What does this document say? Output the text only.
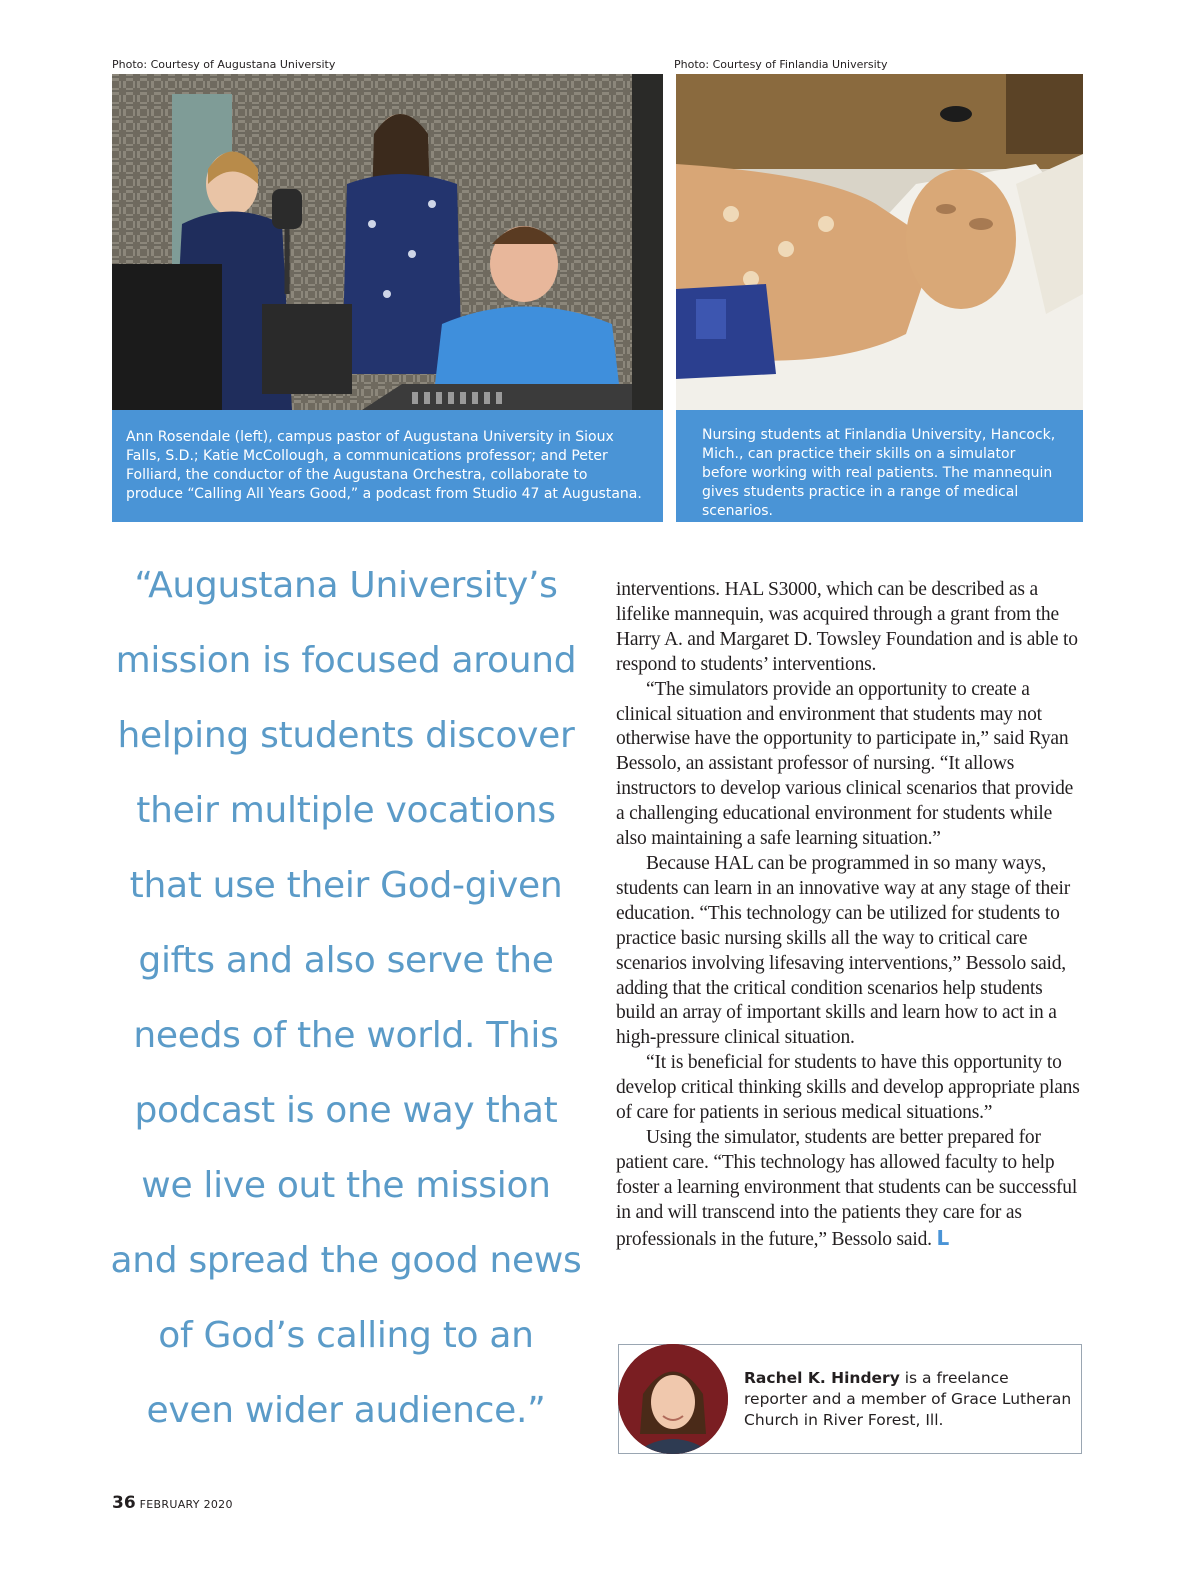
Photo: Courtesy of Augustana University	Photo: Courtesy of Finlandia University
Ann Rosendale (left), campus pastor of Augustana University in Sioux Falls, S.D.; Katie McCollough, a communications professor; and Peter Folliard, the conductor of the Augustana Orchestra, collaborate to produce “Calling All Years Good,” a podcast from Studio 47 at Augustana.
Nursing students at Finlandia University, Hancock, Mich., can practice their skills on a simulator before working with real patients. The mannequin gives students practice in a range of medical scenarios.
“Augustana University’s mission is focused around helping students discover their multiple vocations that use their God-given gifts and also serve the needs of the world. This podcast is one way that we live out the mission and spread the good news of God’s calling to an even wider audience.”

interventions. HAL S3000, which can be described as a lifelike mannequin, was acquired through a grant from the Harry A. and Margaret D. Towsley Foundation and is able to respond to students’ interventions.

“The simulators provide an opportunity to create a clinical situation and environment that students may not otherwise have the opportunity to participate in,” said Ryan Bessolo, an assistant professor of nursing. “It allows instructors to develop various clinical scenarios that provide a challenging educational environment for students while also maintaining a safe learning situation.”

Because HAL can be programmed in so many ways, students can learn in an innovative way at any stage of their education. “This technology can be utilized for students to practice basic nursing skills all the way to critical care scenarios involving lifesaving interventions,” Bessolo said, adding that the critical condition scenarios help students build an array of important skills and learn how to act in a high-pressure clinical situation.

“It is beneficial for students to have this opportunity to develop critical thinking skills and develop appropriate plans of care for patients in serious medical situations.”

Using the simulator, students are better prepared for patient care. “This technology has allowed faculty to help foster a learning environment that students can be successful in and will transcend into the patients they care for as professionals in the future,” Bessolo said. L

Rachel K. Hindery is a freelance reporter and a member of Grace Lutheran Church in River Forest, Ill.
36 FEBRUARY 2020
